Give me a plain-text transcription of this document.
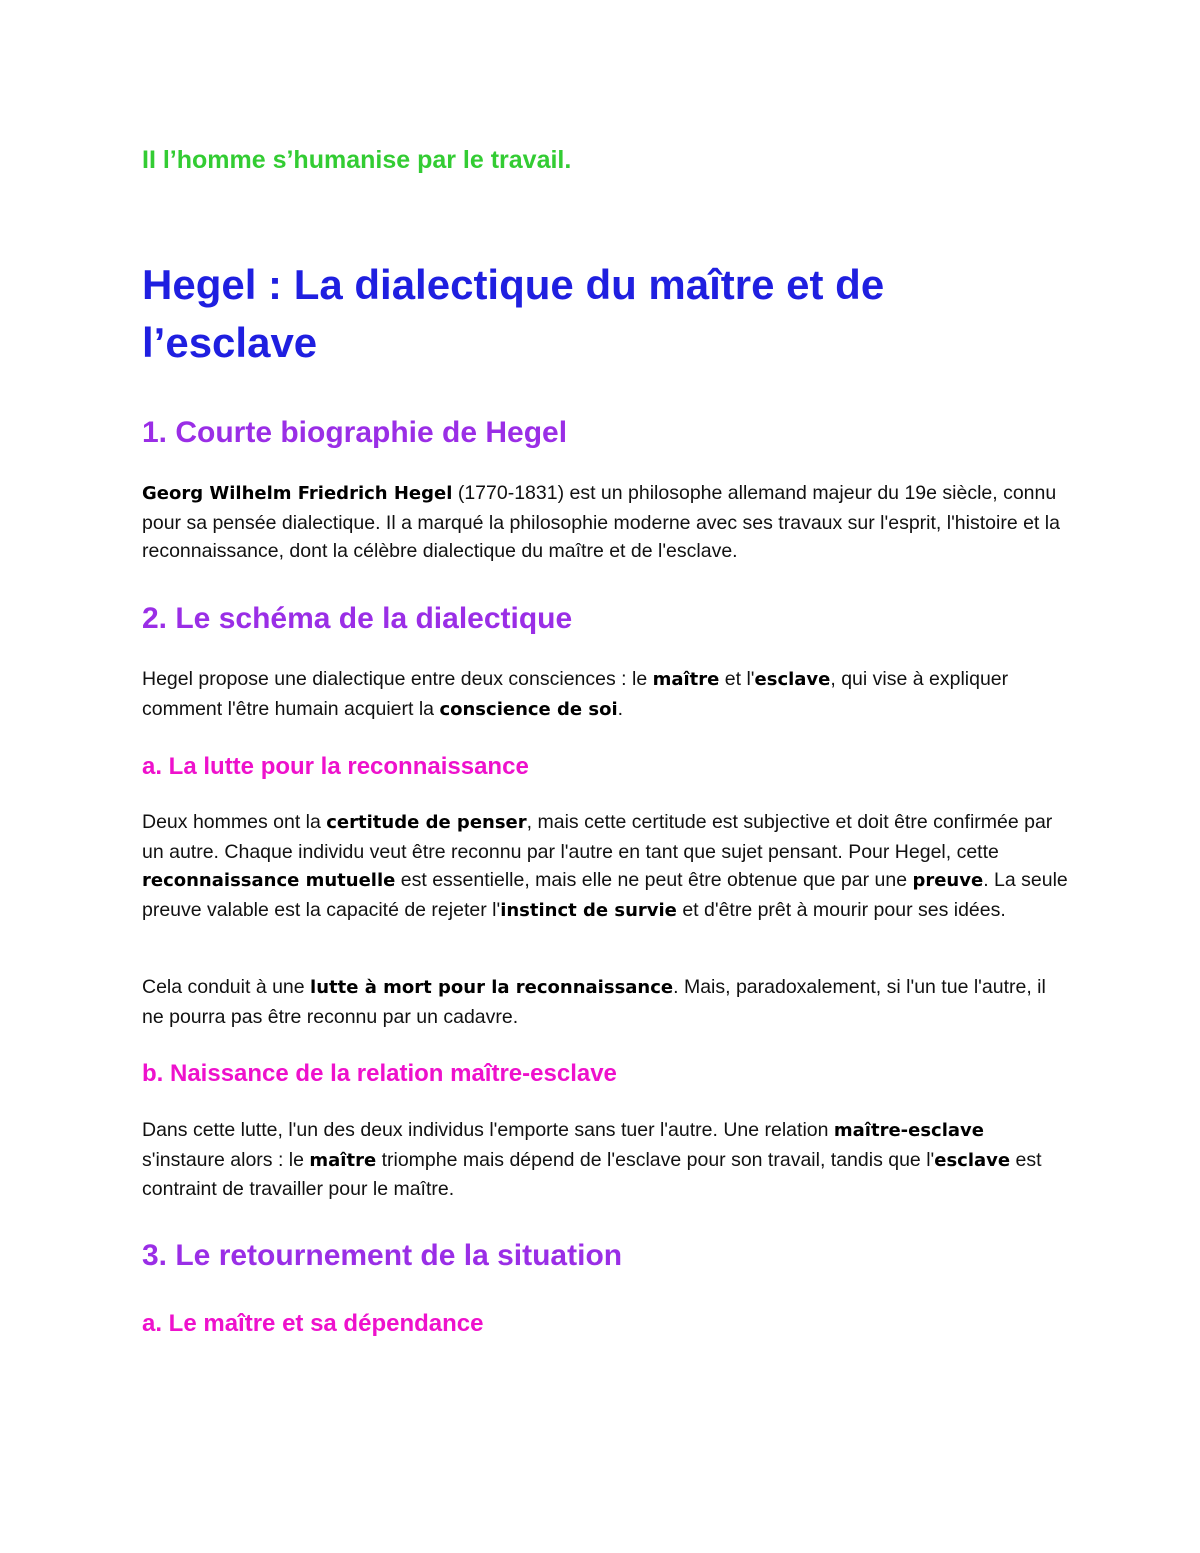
II l’homme s’humanise par le travail.
Hegel : La dialectique du maître et de l’esclave
1. Courte biographie de Hegel

Georg Wilhelm Friedrich Hegel (1770-1831) est un philosophe allemand majeur du 19e siècle, connu pour sa pensée dialectique. Il a marqué la philosophie moderne avec ses travaux sur l'esprit, l'histoire et la reconnaissance, dont la célèbre dialectique du maître et de l'esclave.

2. Le schéma de la dialectique

Hegel propose une dialectique entre deux consciences : le maître et l'esclave, qui vise à expliquer comment l'être humain acquiert la conscience de soi.

a. La lutte pour la reconnaissance

Deux hommes ont la certitude de penser, mais cette certitude est subjective et doit être confirmée par un autre. Chaque individu veut être reconnu par l'autre en tant que sujet pensant. Pour Hegel, cette reconnaissance mutuelle est essentielle, mais elle ne peut être obtenue que par une preuve. La seule preuve valable est la capacité de rejeter l'instinct de survie et d'être prêt à mourir pour ses idées.

Cela conduit à une lutte à mort pour la reconnaissance. Mais, paradoxalement, si l'un tue l'autre, il ne pourra pas être reconnu par un cadavre.

b. Naissance de la relation maître-esclave

Dans cette lutte, l'un des deux individus l'emporte sans tuer l'autre. Une relation maître-esclave s'instaure alors : le maître triomphe mais dépend de l'esclave pour son travail, tandis que l'esclave est contraint de travailler pour le maître.

3. Le retournement de la situation
a. Le maître et sa dépendance
